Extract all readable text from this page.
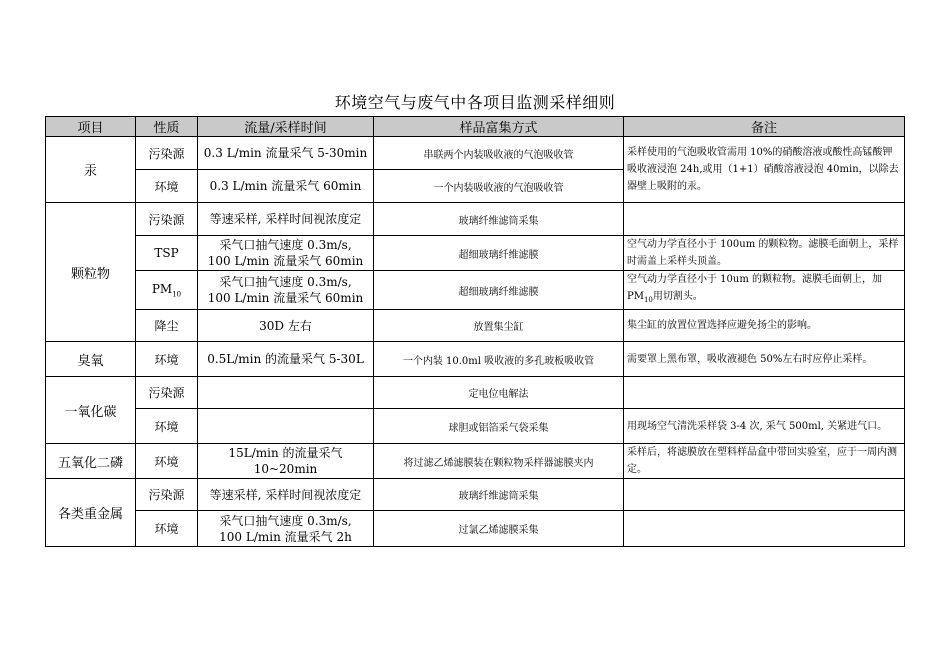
环境空气与废气中各项目监测采样细则
项目	性质	流量/采样时间	样品富集方式	备注
汞	污染源	0.3 L/min 流量采气 5-30min	串联两个内装吸收液的气泡吸收管	采样使用的气泡吸收管需用 10%的硝酸溶液或酸性高锰酸钾吸收液浸泡 24h,或用（1+1）硝酸溶液浸泡 40min，以除去器壁上吸附的汞。
	环境	0.3 L/min 流量采气 60min	一个内装吸收液的气泡吸收管	
颗粒物	污染源	等速采样, 采样时间视浓度定	玻璃纤维滤筒采集	
	TSP	采气口抽气速度 0.3m/s,
100 L/min 流量采气 60min	超细玻璃纤维滤膜	空气动力学直径小于 100um 的颗粒物。滤膜毛面朝上，采样时需盖上采样头顶盖。
	$PM_{10}$	采气口抽气速度 0.3m/s,
100 L/min 流量采气 60min	超细玻璃纤维滤膜	空气动力学直径小于 10um 的颗粒物。滤膜毛面朝上，加 $PM_{10}$用切割头。
	降尘	30D 左右	放置集尘缸	集尘缸的放置位置选择应避免扬尘的影响。
臭氧	环境	0.5L/min 的流量采气 5-30L	一个内装 10.0ml 吸收液的多孔玻板吸收管	需要罩上黑布罩，吸收液褪色 50%左右时应停止采样。
一氧化碳	污染源		定电位电解法	
	环境		球胆或铝箔采气袋采集	用现场空气清洗采样袋 3-4 次, 采气 500ml, 关紧进气口。
五氧化二磷	环境	15L/min 的流量采气
10~20min	将过滤乙烯滤膜装在颗粒物采样器滤膜夹内	采样后，将滤膜放在塑料样品盒中带回实验室，应于一周内测定。
各类重金属	污染源	等速采样, 采样时间视浓度定	玻璃纤维滤筒采集	
	环境	采气口抽气速度 0.3m/s,
100 L/min 流量采气 2h	过氯乙烯滤膜采集	
